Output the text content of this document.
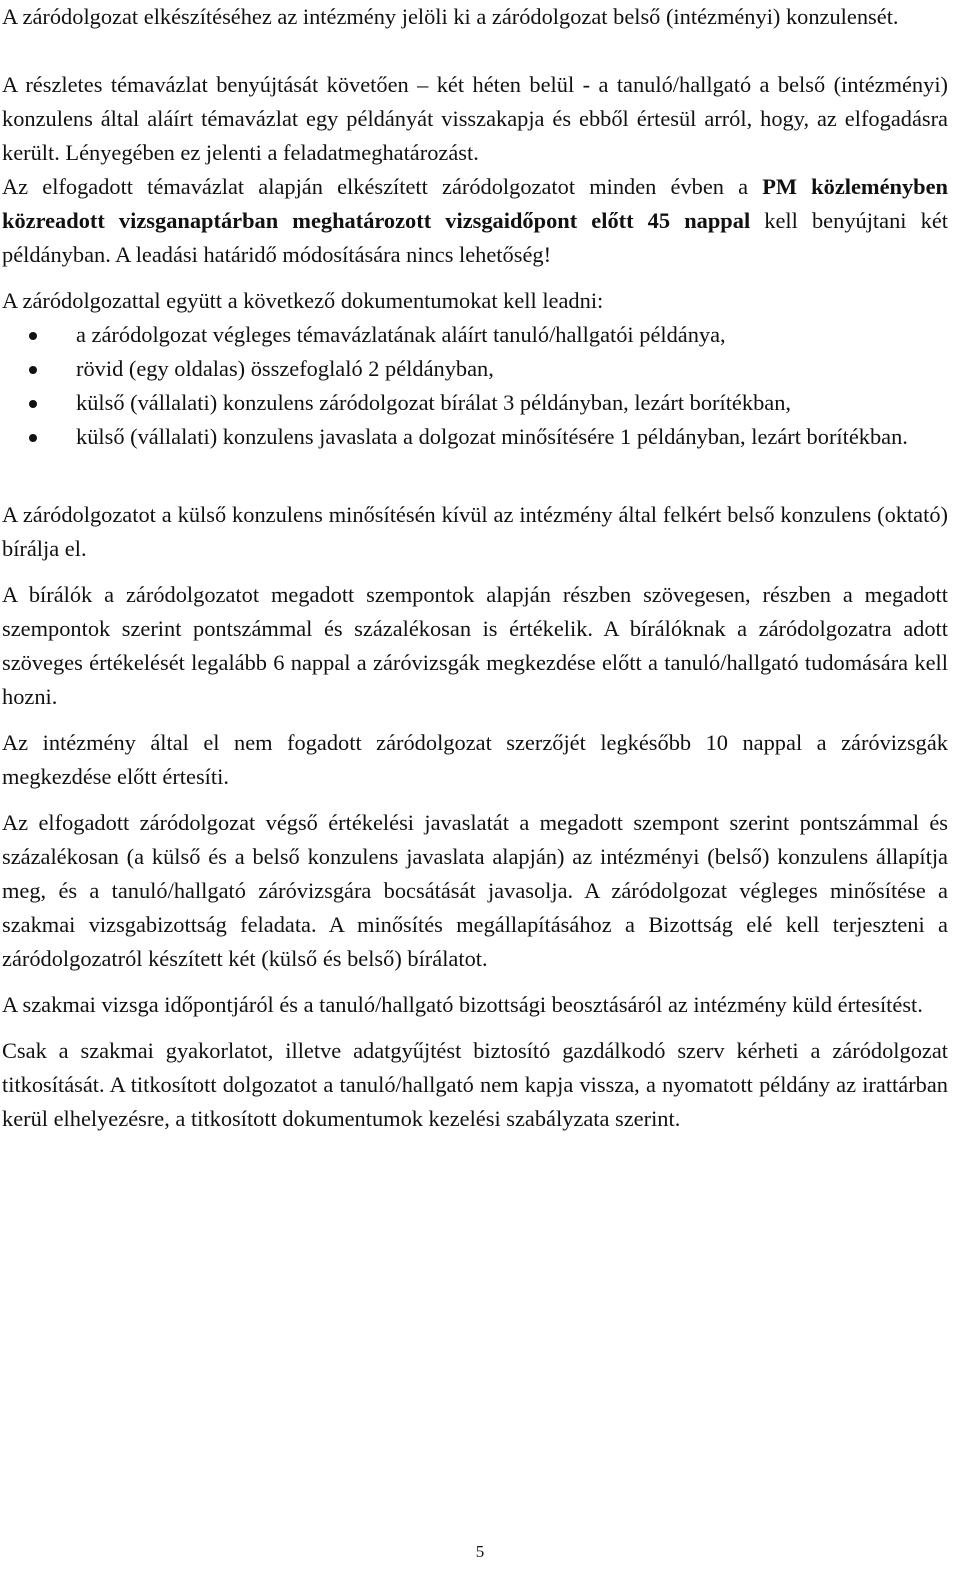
A záródolgozat elkészítéséhez az intézmény jelöli ki a záródolgozat belső (intézményi) konzulensét.

A részletes témavázlat benyújtását követően – két héten belül - a tanuló/hallgató a belső (intézményi) konzulens által aláírt témavázlat egy példányát visszakapja és ebből értesül arról, hogy, az elfogadásra került. Lényegében ez jelenti a feladatmeghatározást.

Az elfogadott témavázlat alapján elkészített záródolgozatot minden évben a PM közleményben közreadott vizsganaptárban meghatározott vizsgaidőpont előtt 45 nappal kell benyújtani két példányban. A leadási határidő módosítására nincs lehetőség!

A záródolgozattal együtt a következő dokumentumokat kell leadni:

a záródolgozat végleges témavázlatának aláírt tanuló/hallgatói példánya,
rövid (egy oldalas) összefoglaló 2 példányban,
külső (vállalati) konzulens záródolgozat bírálat 3 példányban, lezárt borítékban,
külső (vállalati) konzulens javaslata a dolgozat minősítésére 1 példányban, lezárt borítékban.

A záródolgozatot a külső konzulens minősítésén kívül az intézmény által felkért belső konzulens (oktató) bírálja el.

A bírálók a záródolgozatot megadott szempontok alapján részben szövegesen, részben a megadott szempontok szerint pontszámmal és százalékosan is értékelik. A bírálóknak a záródolgozatra adott szöveges értékelését legalább 6 nappal a záróvizsgák megkezdése előtt a tanuló/hallgató tudomására kell hozni.

Az intézmény által el nem fogadott záródolgozat szerzőjét legkésőbb 10 nappal a záróvizsgák megkezdése előtt értesíti.

Az elfogadott záródolgozat végső értékelési javaslatát a megadott szempont szerint pontszámmal és százalékosan (a külső és a belső konzulens javaslata alapján) az intézményi (belső) konzulens állapítja meg, és a tanuló/hallgató záróvizsgára bocsátását javasolja. A záródolgozat végleges minősítése a szakmai vizsgabizottság feladata. A minősítés megállapításához a Bizottság elé kell terjeszteni a záródolgozatról készített két (külső és belső) bírálatot.

A szakmai vizsga időpontjáról és a tanuló/hallgató bizottsági beosztásáról az intézmény küld értesítést.

Csak a szakmai gyakorlatot, illetve adatgyűjtést biztosító gazdálkodó szerv kérheti a záródolgozat titkosítását. A titkosított dolgozatot a tanuló/hallgató nem kapja vissza, a nyomatott példány az irattárban kerül elhelyezésre, a titkosított dokumentumok kezelési szabályzata szerint.

5
